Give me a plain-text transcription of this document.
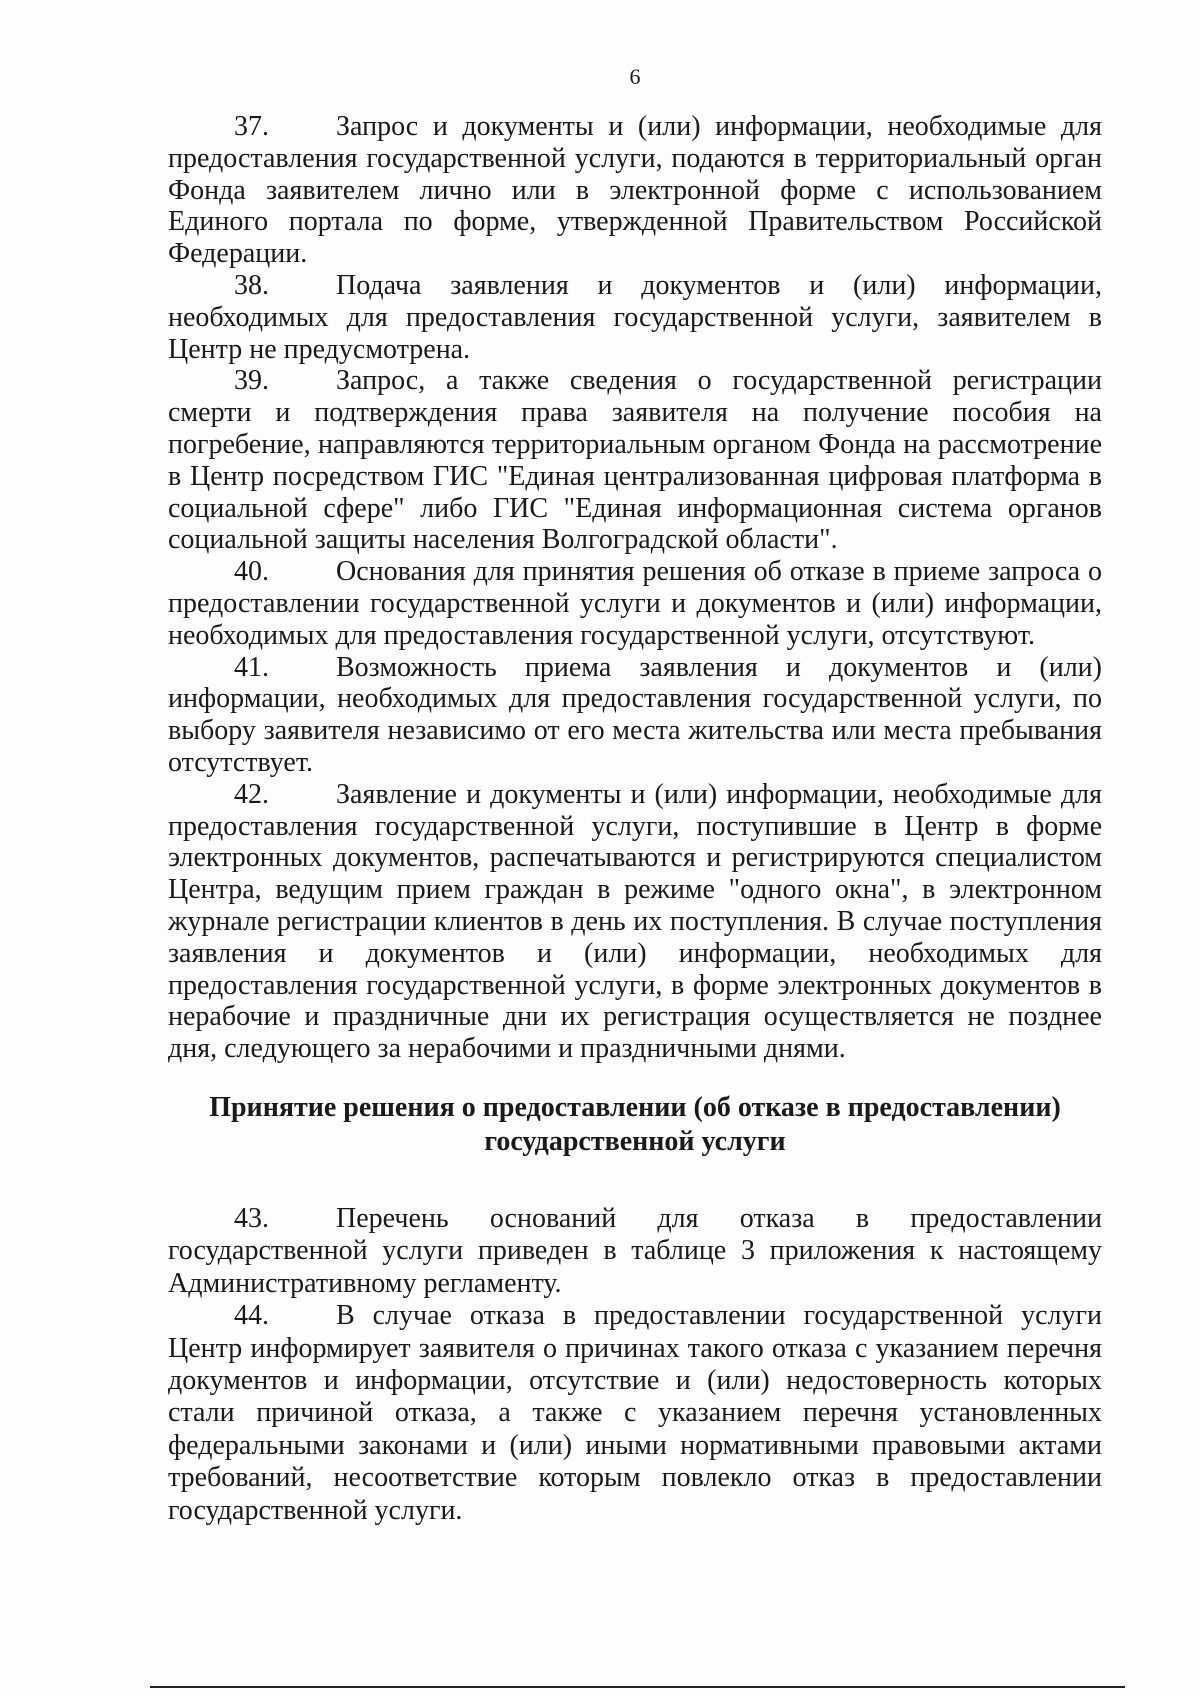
6

37. Запрос и документы и (или) информации, необходимые для предоставления государственной услуги, подаются в территориальный орган Фонда заявителем лично или в электронной форме с использованием Единого портала по форме, утвержденной Правительством Российской Федерации.

38. Подача заявления и документов и (или) информации, необходимых для предоставления государственной услуги, заявителем в Центр не предусмотрена.

39. Запрос, а также сведения о государственной регистрации смерти и подтверждения права заявителя на получение пособия на погребение, направляются территориальным органом Фонда на рассмотрение в Центр посредством ГИС "Единая централизованная цифровая платформа в социальной сфере" либо ГИС "Единая информационная система органов социальной защиты населения Волгоградской области".

40. Основания для принятия решения об отказе в приеме запроса о предоставлении государственной услуги и документов и (или) информации, необходимых для предоставления государственной услуги, отсутствуют.

41. Возможность приема заявления и документов и (или) информации, необходимых для предоставления государственной услуги, по выбору заявителя независимо от его места жительства или места пребывания отсутствует.

42. Заявление и документы и (или) информации, необходимые для предоставления государственной услуги, поступившие в Центр в форме электронных документов, распечатываются и регистрируются специалистом Центра, ведущим прием граждан в режиме "одного окна", в электронном журнале регистрации клиентов в день их поступления. В случае поступления заявления и документов и (или) информации, необходимых для предоставления государственной услуги, в форме электронных документов в нерабочие и праздничные дни их регистрация осуществляется не позднее дня, следующего за нерабочими и праздничными днями.

Принятие решения о предоставлении (об отказе в предоставлении)
государственной услуги

43. Перечень оснований для отказа в предоставлении государственной услуги приведен в таблице 3 приложения к настоящему Административному регламенту.

44. В случае отказа в предоставлении государственной услуги Центр информирует заявителя о причинах такого отказа с указанием перечня документов и информации, отсутствие и (или) недостоверность которых стали причиной отказа, а также с указанием перечня установленных федеральными законами и (или) иными нормативными правовыми актами требований, несоответствие которым повлекло отказ в предоставлении государственной услуги.
